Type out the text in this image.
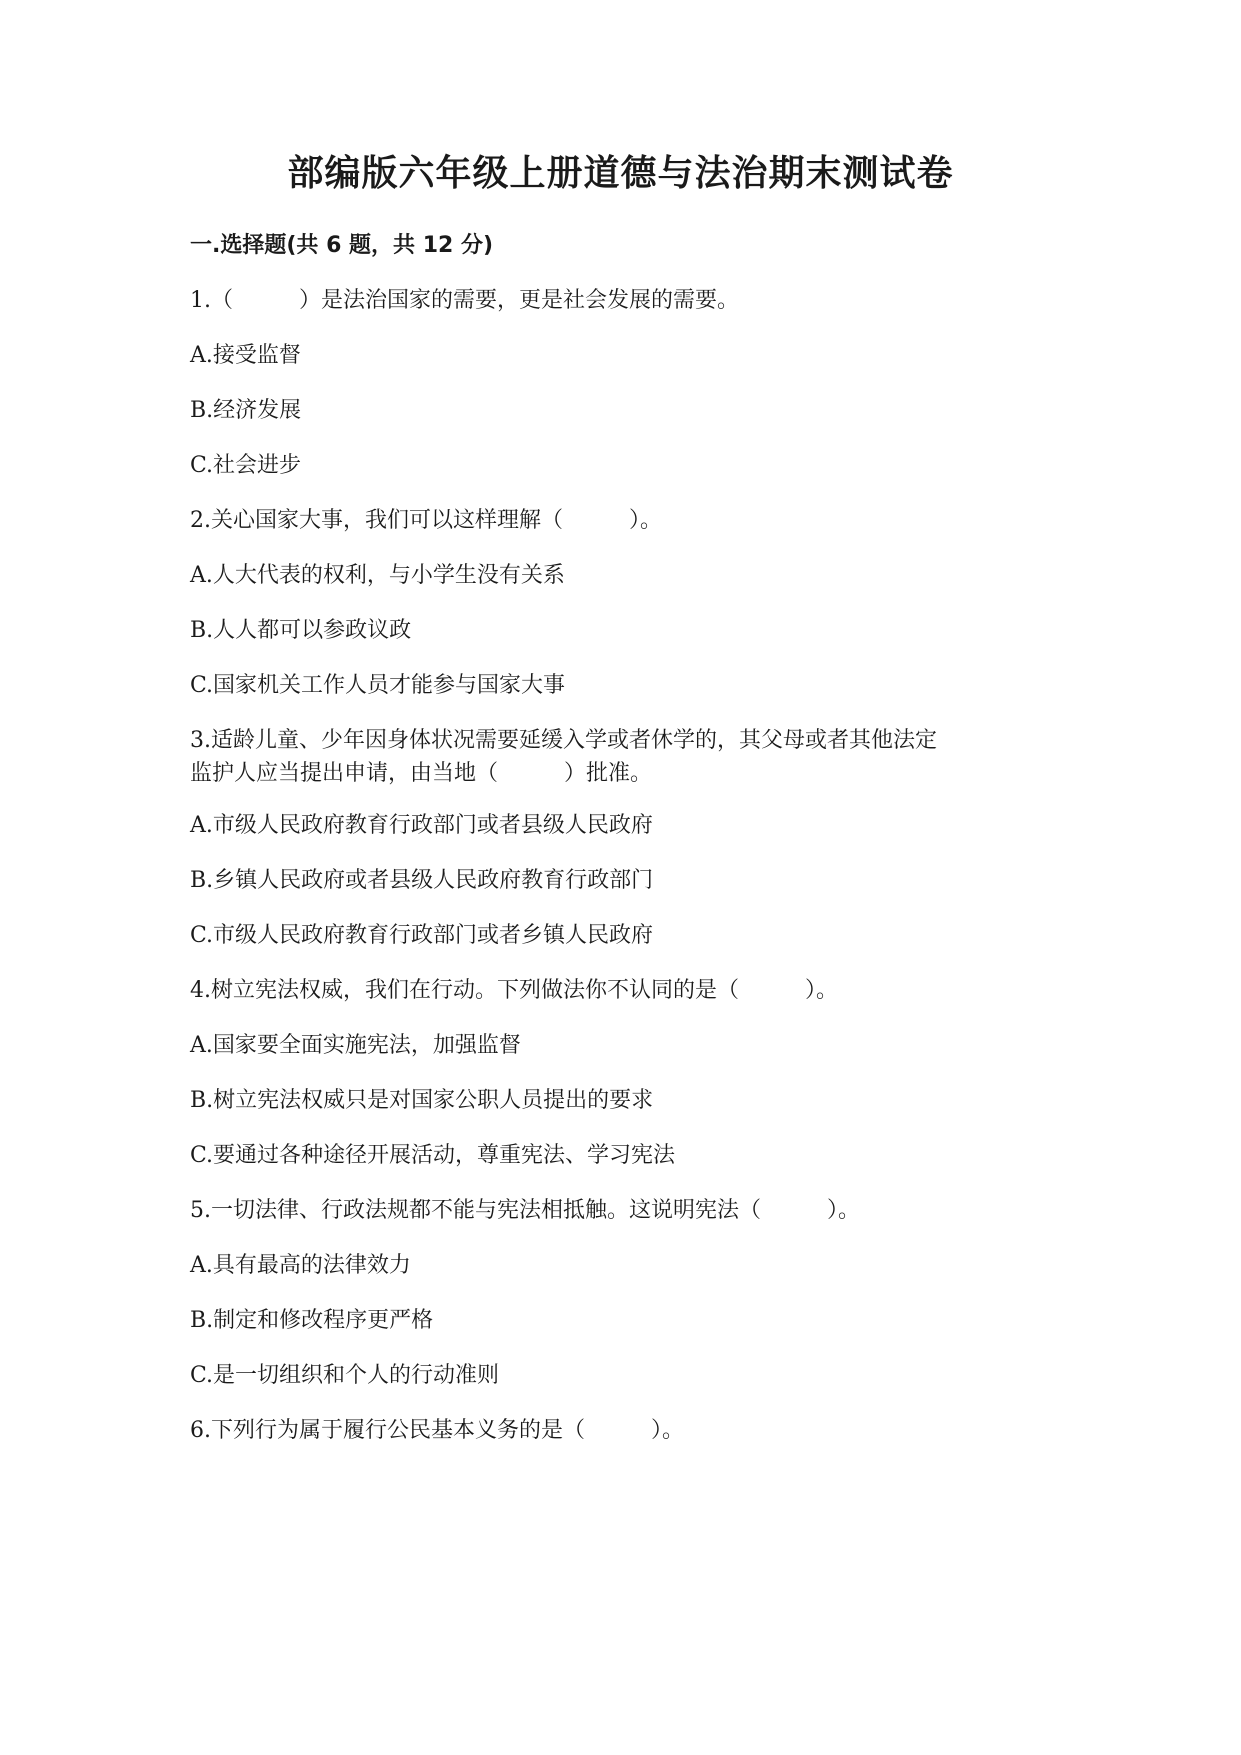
部编版六年级上册道德与法治期末测试卷
一.选择题(共 6 题，共 12 分)
1.（　　　）是法治国家的需要，更是社会发展的需要。
A.接受监督
B.经济发展
C.社会进步
2.关心国家大事，我们可以这样理解（　　　）。
A.人大代表的权利，与小学生没有关系
B.人人都可以参政议政
C.国家机关工作人员才能参与国家大事
3.适龄儿童、少年因身体状况需要延缓入学或者休学的，其父母或者其他法定
监护人应当提出申请，由当地（　　　）批准。
A.市级人民政府教育行政部门或者县级人民政府
B.乡镇人民政府或者县级人民政府教育行政部门
C.市级人民政府教育行政部门或者乡镇人民政府
4.树立宪法权威，我们在行动。下列做法你不认同的是（　　　）。
A.国家要全面实施宪法，加强监督
B.树立宪法权威只是对国家公职人员提出的要求
C.要通过各种途径开展活动，尊重宪法、学习宪法
5.一切法律、行政法规都不能与宪法相抵触。这说明宪法（　　　）。
A.具有最高的法律效力
B.制定和修改程序更严格
C.是一切组织和个人的行动准则
6.下列行为属于履行公民基本义务的是（　　　）。
